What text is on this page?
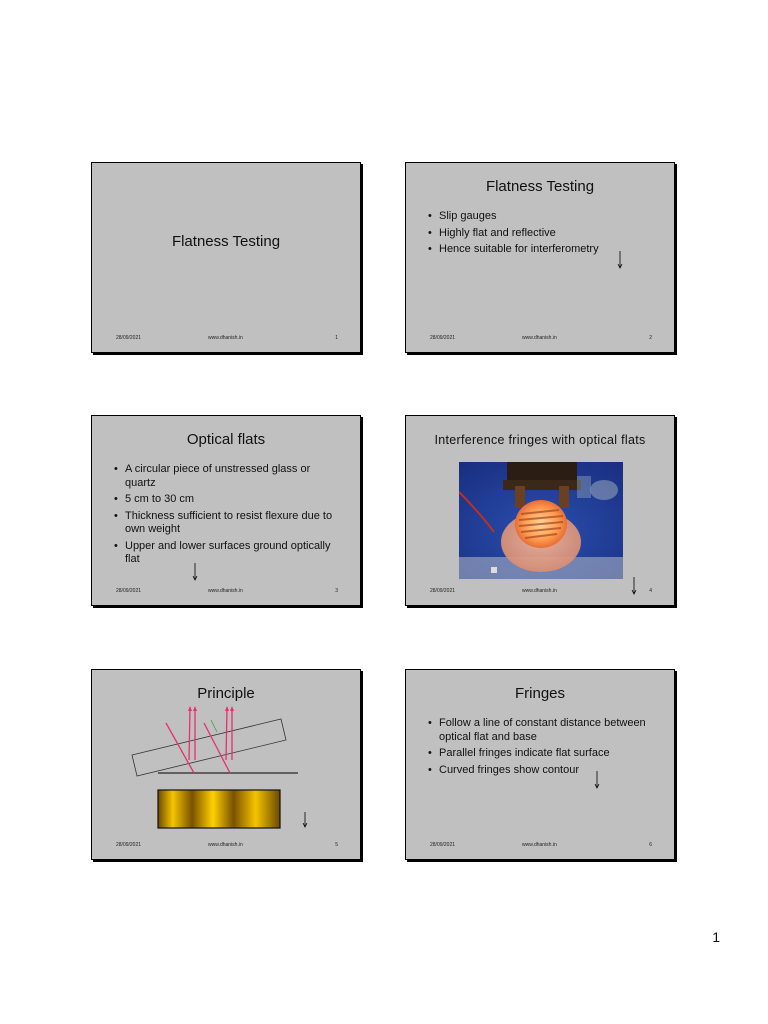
Flatness Testing
28/09/2021	www.dhanish.in	1
Flatness Testing
• Slip gauges
• Highly flat and reflective
• Hence suitable for interferometry
28/09/2021	www.dhanish.in	2
Optical flats
• A circular piece of unstressed glass or quartz
• 5 cm to 30 cm
• Thickness sufficient to resist flexure due to own weight
• Upper and lower surfaces ground optically flat
28/09/2021	www.dhanish.in	3
Interference fringes with optical flats
28/09/2021	www.dhanish.in	4
Principle
28/09/2021	www.dhanish.in	5
Fringes
• Follow a line of constant distance between optical flat and base
• Parallel fringes indicate flat surface
• Curved fringes show contour
28/09/2021	www.dhanish.in	6
1
